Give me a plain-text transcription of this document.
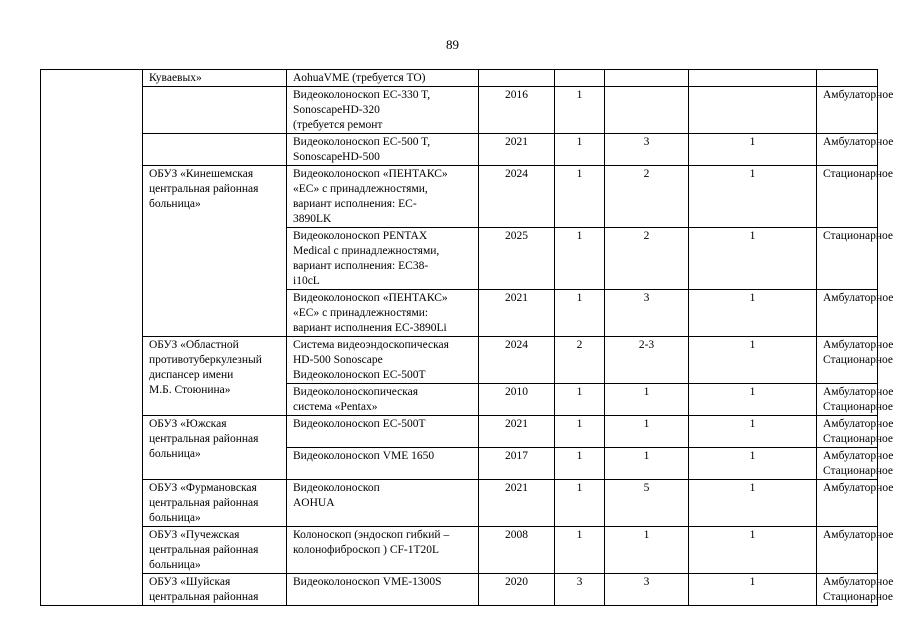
89
	Куваевых»	AohuaVME (требуется ТО)					
		Видеоколоноскоп EC-330 T,
SonoscapeHD-320
(требуется ремонт	2016	1			Амбулаторное
		Видеоколоноскоп EC-500 T,
SonoscapeHD-500	2021	1	3	1	Амбулаторное
	ОБУЗ «Кинешемская
центральная районная
больница»	Видеоколоноскоп «ПЕНТАКС»
«EC» с принадлежностями,
вариант исполнения: EC-
3890LK	2024	1	2	1	Стационарное
		Видеоколоноскоп PENTAX
Medical с принадлежностями,
вариант исполнения: EC38-
i10cL	2025	1	2	1	Стационарное
		Видеоколоноскоп «ПЕНТАКС»
«EC» с принадлежностями:
вариант исполнения EC-3890Li	2021	1	3	1	Амбулаторное
	ОБУЗ «Областной
противотуберкулезный
диспансер имени
М.Б. Стоюнина»	Система видеоэндоскопическая
HD-500 Sonoscape
Видеоколоноскоп EC-500T	2024	2	2-3	1	Амбулаторное
Стационарное
		Видеоколоноскопическая
система «Pentax»	2010	1	1	1	Амбулаторное
Стационарное
	ОБУЗ «Южская
центральная районная
больница»	Видеоколоноскоп EC-500T	2021	1	1	1	Амбулаторное
Стационарное
		Видеоколоноскоп VME 1650	2017	1	1	1	Амбулаторное
Стационарное
	ОБУЗ «Фурмановская
центральная районная
больница»	Видеоколоноскоп
AOHUA	2021	1	5	1	Амбулаторное
	ОБУЗ «Пучежская
центральная районная
больница»	Колоноскоп (эндоскоп гибкий –
колонофиброскоп ) CF-1T20L	2008	1	1	1	Амбулаторное
	ОБУЗ «Шуйская
центральная районная	Видеоколоноскоп VME-1300S	2020	3	3	1	Амбулаторное
Стационарное
